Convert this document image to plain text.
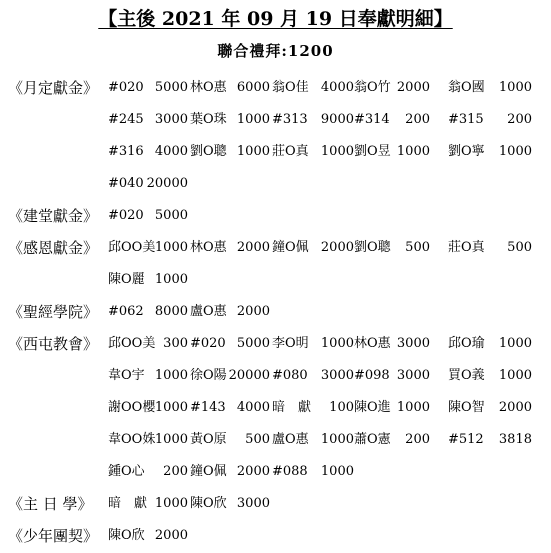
【主後 2021 年 09 月 19 日奉獻明細】
聯合禮拜:1200
《月定獻金》 #020 5000 林O惠 6000 翁O佳 4000 翁O竹 2000 翁O國 1000
#245 3000 葉O珠 1000 #313 9000 #314 200 #315 200
#316 4000 劉O聰 1000 莊O真 1000 劉O昱 1000 劉O寧 1000
#040 20000
《建堂獻金》 #020 5000
《感恩獻金》 邱OO美 1000 林O惠 2000 鐘O佩 2000 劉O聰 500 莊O真 500
陳O麗 1000
《聖經學院》 #062 8000 盧O惠 2000
《西屯教會》 邱OO美 300 #020 5000 李O明 1000 林O惠 3000 邱O瑜 1000
韋O宇 1000 徐O陽 20000 #080 3000 #098 3000 買O義 1000
謝OO櫻 1000 #143 4000 暗　獻 100 陳O進 1000 陳O智 2000
韋OO姝 1000 黃O原 500 盧O惠 1000 蕭O憲 200 #512 3818
鍾O心 200 鐘O佩 2000 #088 1000
《主 日 學》 暗　獻 1000 陳O欣 3000
《少年團契》 陳O欣 2000
